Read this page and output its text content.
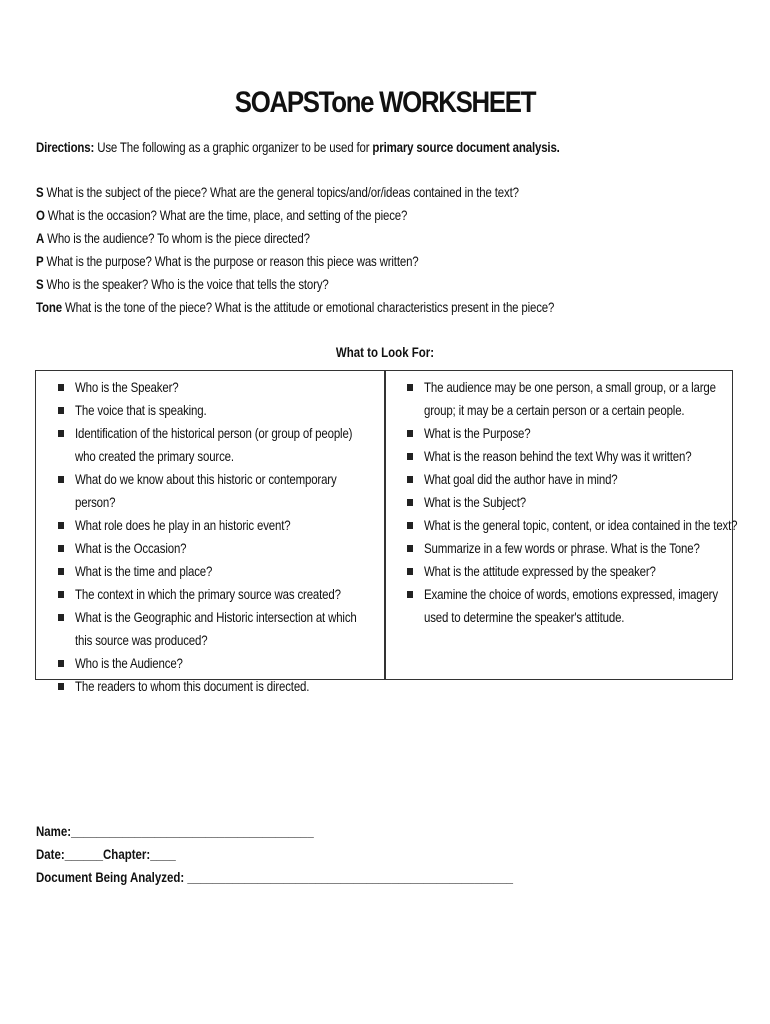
SOAPSTone WORKSHEET
Directions: Use The following as a graphic organizer to be used for primary source document analysis.
S What is the subject of the piece? What are the general topics/and/or/ideas contained in the text?
O What is the occasion? What are the time, place, and setting of the piece?
A Who is the audience? To whom is the piece directed?
P What is the purpose? What is the purpose or reason this piece was written?
S Who is the speaker? Who is the voice that tells the story?
Tone What is the tone of the piece? What is the attitude or emotional characteristics present in the piece?
What to Look For:
Who is the Speaker?
The voice that is speaking.
Identification of the historical person (or group of people) who created the primary source.
What do we know about this historic or contemporary person?
What role does he play in an historic event?
What is the Occasion?
What is the time and place?
The context in which the primary source was created?
What is the Geographic and Historic intersection at which this source was produced?
Who is the Audience?
The readers to whom this document is directed.
The audience may be one person, a small group, or a large group; it may be a certain person or a certain people.
What is the Purpose?
What is the reason behind the text Why was it written?
What goal did the author have in mind?
What is the Subject?
What is the general topic, content, or idea contained in the text?
Summarize in a few words or phrase. What is the Tone?
What is the attitude expressed by the speaker?
Examine the choice of words, emotions expressed, imagery used to determine the speaker's attitude.
Name:______________________________________
Date:______Chapter:____
Document Being Analyzed: ___________________________________________________
